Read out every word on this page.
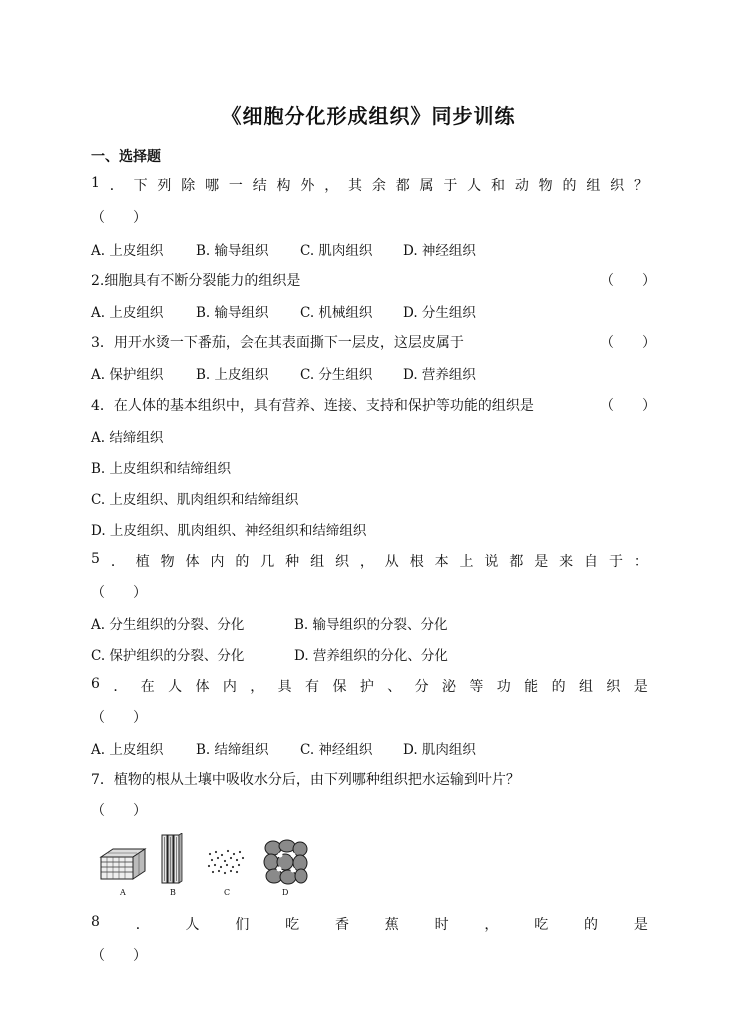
《细胞分化形成组织》同步训练
一、选择题
1 ． 下 列 除 哪 一 结 构 外 ， 其 余 都 属 于 人 和 动 物 的 组 织 ？
（　　）
A. 上皮组织 B. 输导组织 C. 肌肉组织 D. 神经组织
2.细胞具有不断分裂能力的组织是	（　　）
A. 上皮组织 B. 输导组织 C. 机械组织 D. 分生组织
3．用开水烫一下番茄，会在其表面撕下一层皮，这层皮属于	（　　）
A. 保护组织 B. 上皮组织 C. 分生组织 D. 营养组织
4．在人体的基本组织中，具有营养、连接、支持和保护等功能的组织是	（　　）
A. 结缔组织
B. 上皮组织和结缔组织
C. 上皮组织、肌肉组织和结缔组织
D. 上皮组织、肌肉组织、神经组织和结缔组织
5 ． 植 物 体 内 的 几 种 组 织 ， 从 根 本 上 说 都 是 来 自 于 ：
（　　）
A. 分生组织的分裂、分化	B. 输导组织的分裂、分化
C. 保护组织的分裂、分化	D. 营养组织的分化、分化
6 ． 在 人 体 内 ， 具 有 保 护 、 分 泌 等 功 能 的 组 织 是
（　　）
A. 上皮组织 B. 结缔组织 C. 神经组织 D. 肌肉组织
7．植物的根从土壤中吸收水分后，由下列哪种组织把水运输到叶片？
（　　）
A	B	C	D
8	．	人	们	吃	香	蕉	时	，	吃	的	是
（　　）
